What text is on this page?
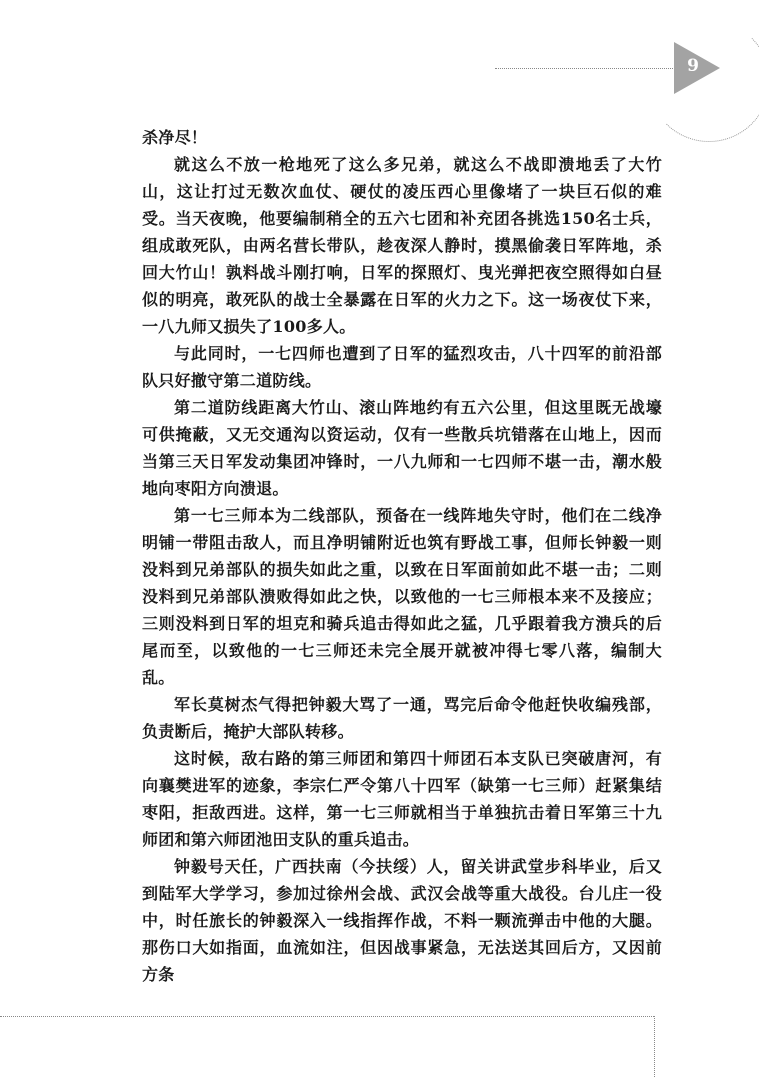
9

杀净尽！

就这么不放一枪地死了这么多兄弟，就这么不战即溃地丢了大竹山，这让打过无数次血仗、硬仗的凌压西心里像堵了一块巨石似的难受。当天夜晚，他要编制稍全的五六七团和补充团各挑选150名士兵，组成敢死队，由两名营长带队，趁夜深人静时，摸黑偷袭日军阵地，杀回大竹山！孰料战斗刚打响，日军的探照灯、曳光弹把夜空照得如白昼似的明亮，敢死队的战士全暴露在日军的火力之下。这一场夜仗下来，一八九师又损失了100多人。

与此同时，一七四师也遭到了日军的猛烈攻击，八十四军的前沿部队只好撤守第二道防线。

第二道防线距离大竹山、滚山阵地约有五六公里，但这里既无战壕可供掩蔽，又无交通沟以资运动，仅有一些散兵坑错落在山地上，因而当第三天日军发动集团冲锋时，一八九师和一七四师不堪一击，潮水般地向枣阳方向溃退。

第一七三师本为二线部队，预备在一线阵地失守时，他们在二线净明铺一带阻击敌人，而且净明铺附近也筑有野战工事，但师长钟毅一则没料到兄弟部队的损失如此之重，以致在日军面前如此不堪一击；二则没料到兄弟部队溃败得如此之快，以致他的一七三师根本来不及接应；三则没料到日军的坦克和骑兵追击得如此之猛，几乎跟着我方溃兵的后尾而至，以致他的一七三师还未完全展开就被冲得七零八落，编制大乱。

军长莫树杰气得把钟毅大骂了一通，骂完后命令他赶快收编残部，负责断后，掩护大部队转移。

这时候，敌右路的第三师团和第四十师团石本支队已突破唐河，有向襄樊进军的迹象，李宗仁严令第八十四军（缺第一七三师）赶紧集结枣阳，拒敌西进。这样，第一七三师就相当于单独抗击着日军第三十九师团和第六师团池田支队的重兵追击。

钟毅号天任，广西扶南（今扶绥）人，留关讲武堂步科毕业，后又到陆军大学学习，参加过徐州会战、武汉会战等重大战役。台儿庄一役中，时任旅长的钟毅深入一线指挥作战，不料一颗流弹击中他的大腿。那伤口大如指面，血流如注，但因战事紧急，无法送其回后方，又因前方条
